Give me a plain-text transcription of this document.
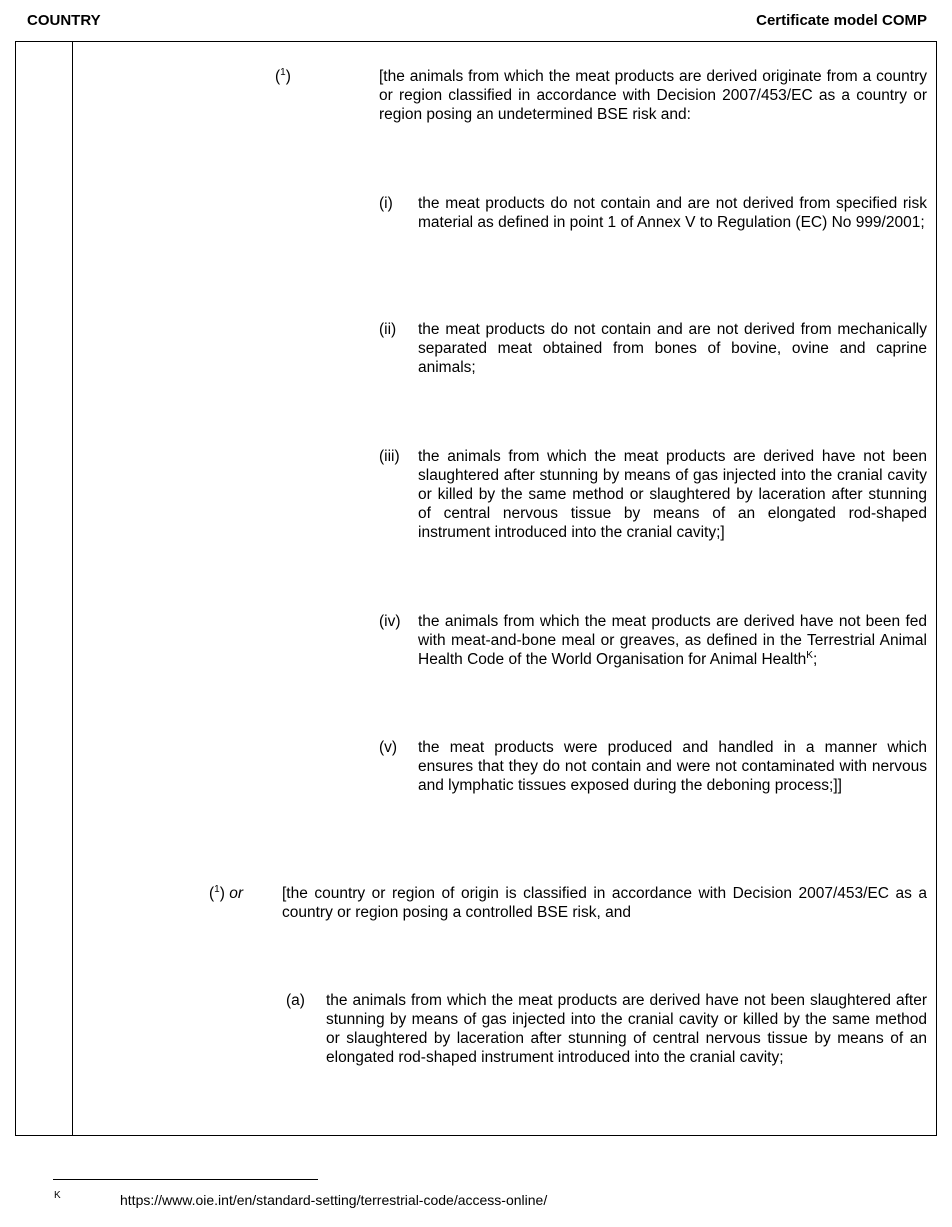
COUNTRY	Certificate model COMP
($^1$)	[the animals from which the meat products are derived originate from a country or region classified in accordance with Decision 2007/453/EC as a country or region posing an undetermined BSE risk and:
(i) the meat products do not contain and are not derived from specified risk material as defined in point 1 of Annex V to Regulation (EC) No 999/2001;
(ii) the meat products do not contain and are not derived from mechanically separated meat obtained from bones of bovine, ovine and caprine animals;
(iii) the animals from which the meat products are derived have not been slaughtered after stunning by means of gas injected into the cranial cavity or killed by the same method or slaughtered by laceration after stunning of central nervous tissue by means of an elongated rod-shaped instrument introduced into the cranial cavity;]
(iv) the animals from which the meat products are derived have not been fed with meat-and-bone meal or greaves, as defined in the Terrestrial Animal Health Code of the World Organisation for Animal Health$^K$;
(v) the meat products were produced and handled in a manner which ensures that they do not contain and were not contaminated with nervous and lymphatic tissues exposed during the deboning process;]]
($^1$) or	[the country or region of origin is classified in accordance with Decision 2007/453/EC as a country or region posing a controlled BSE risk, and
(a) the animals from which the meat products are derived have not been slaughtered after stunning by means of gas injected into the cranial cavity or killed by the same method or slaughtered by laceration after stunning of central nervous tissue by means of an elongated rod-shaped instrument introduced into the cranial cavity;
K	https://www.oie.int/en/standard-setting/terrestrial-code/access-online/
